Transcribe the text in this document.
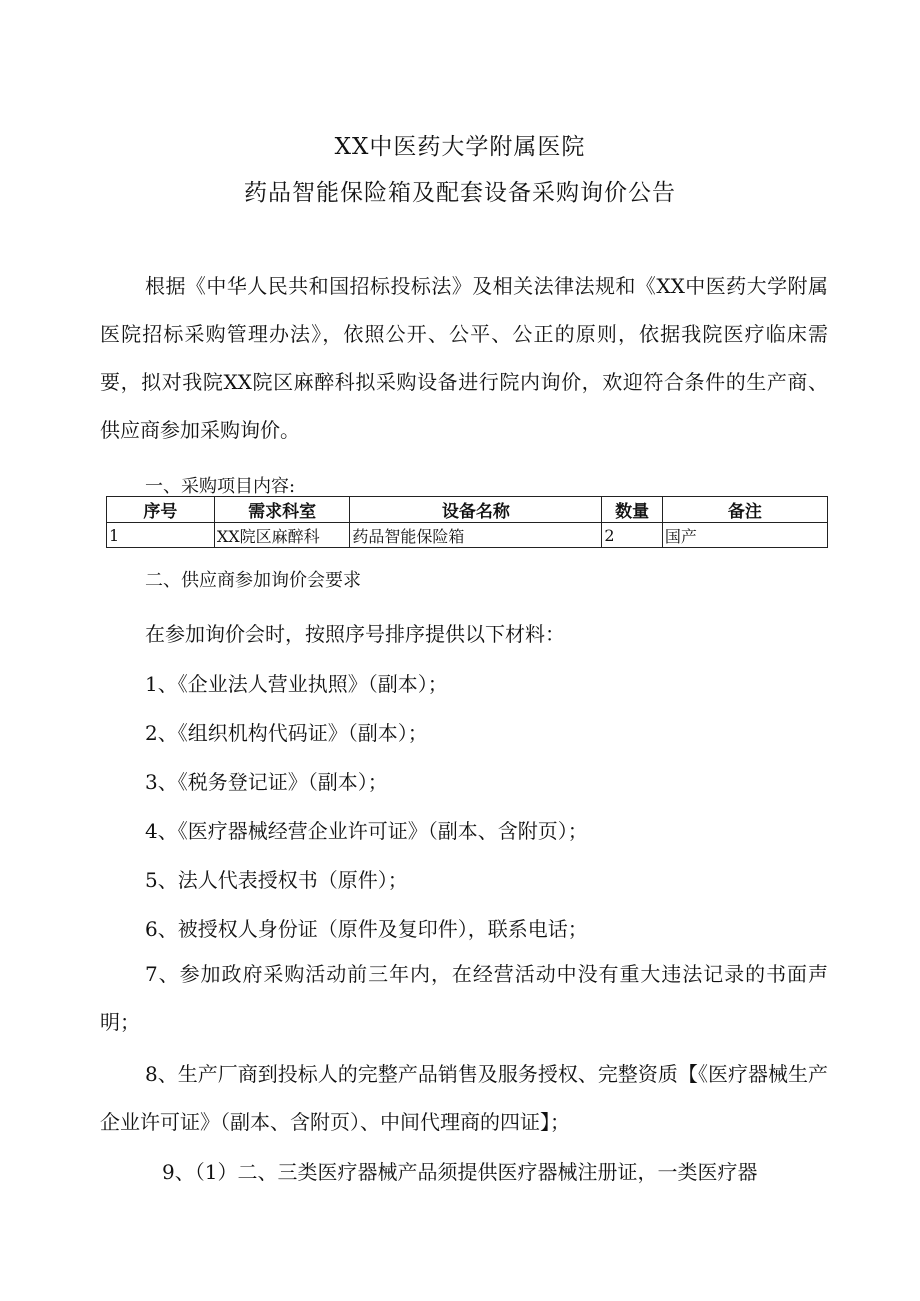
XX中医药大学附属医院
药品智能保险箱及配套设备采购询价公告
根据《中华人民共和国招标投标法》及相关法律法规和《XX中医药大学附属医院招标采购管理办法》，依照公开、公平、公正的原则，依据我院医疗临床需要，拟对我院XX院区麻醉科拟采购设备进行院内询价，欢迎符合条件的生产商、供应商参加采购询价。
一、采购项目内容:
序号	需求科室	设备名称	数量	备注
1	XX院区麻醉科	药品智能保险箱	2	国产
二、供应商参加询价会要求
在参加询价会时，按照序号排序提供以下材料：
1、《企业法人营业执照》（副本）；
2、《组织机构代码证》（副本）；
3、《税务登记证》（副本）；
4、《医疗器械经营企业许可证》（副本、含附页）；
5、法人代表授权书（原件）；
6、被授权人身份证（原件及复印件），联系电话；
7、参加政府采购活动前三年内，在经营活动中没有重大违法记录的书面声明；
8、生产厂商到投标人的完整产品销售及服务授权、完整资质【《医疗器械生产企业许可证》（副本、含附页）、中间代理商的四证】；
9、（1）二、三类医疗器械产品须提供医疗器械注册证，一类医疗器
